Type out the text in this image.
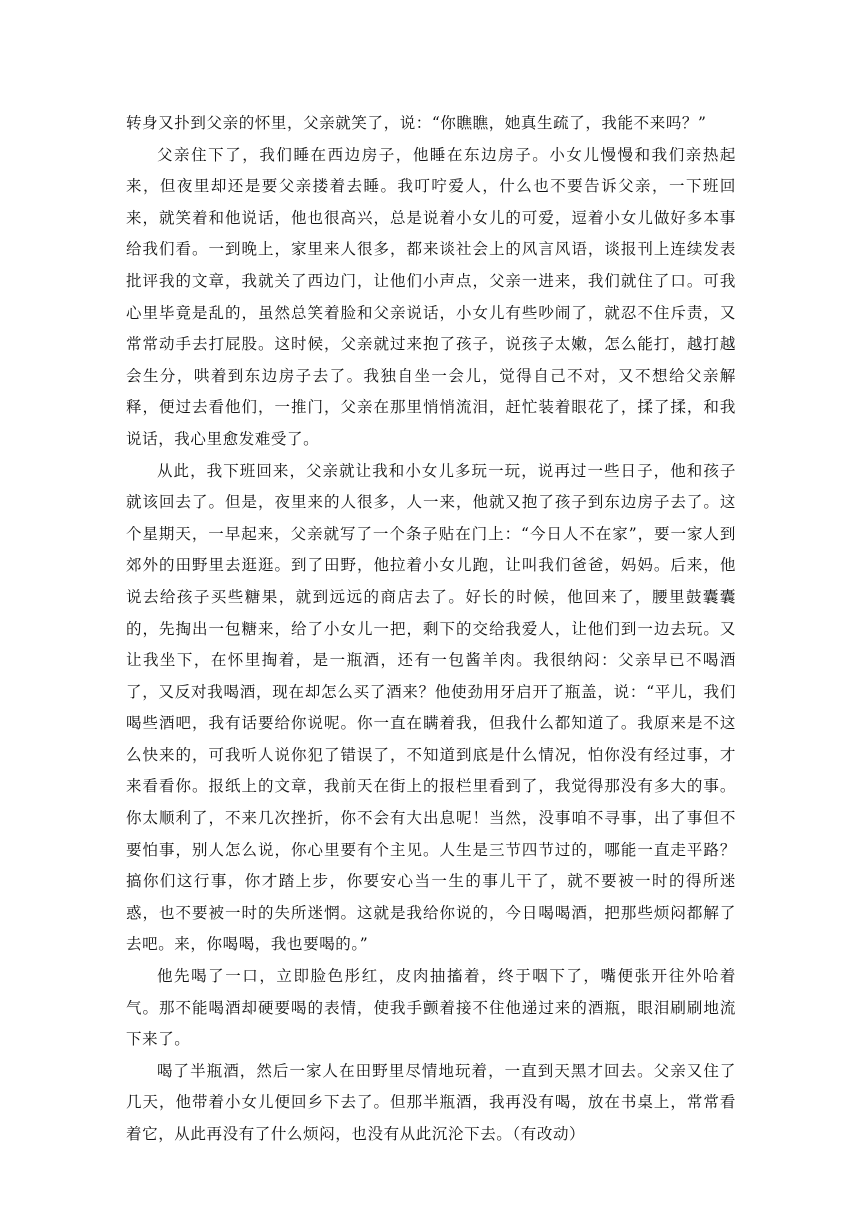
转身又扑到父亲的怀里，父亲就笑了，说：“你瞧瞧，她真生疏了，我能不来吗？”

父亲住下了，我们睡在西边房子，他睡在东边房子。小女儿慢慢和我们亲热起来，但夜里却还是要父亲搂着去睡。我叮咛爱人，什么也不要告诉父亲，一下班回来，就笑着和他说话，他也很高兴，总是说着小女儿的可爱，逗着小女儿做好多本事给我们看。一到晚上，家里来人很多，都来谈社会上的风言风语，谈报刊上连续发表批评我的文章，我就关了西边门，让他们小声点，父亲一进来，我们就住了口。可我心里毕竟是乱的，虽然总笑着脸和父亲说话，小女儿有些吵闹了，就忍不住斥责，又常常动手去打屁股。这时候，父亲就过来抱了孩子，说孩子太嫩，怎么能打，越打越会生分，哄着到东边房子去了。我独自坐一会儿，觉得自己不对，又不想给父亲解释，便过去看他们，一推门，父亲在那里悄悄流泪，赶忙装着眼花了，揉了揉，和我说话，我心里愈发难受了。

从此，我下班回来，父亲就让我和小女儿多玩一玩，说再过一些日子，他和孩子就该回去了。但是，夜里来的人很多，人一来，他就又抱了孩子到东边房子去了。这个星期天，一早起来，父亲就写了一个条子贴在门上：“今日人不在家”，要一家人到郊外的田野里去逛逛。到了田野，他拉着小女儿跑，让叫我们爸爸，妈妈。后来，他说去给孩子买些糖果，就到远远的商店去了。好长的时候，他回来了，腰里鼓囊囊的，先掏出一包糖来，给了小女儿一把，剩下的交给我爱人，让他们到一边去玩。又让我坐下，在怀里掏着，是一瓶酒，还有一包酱羊肉。我很纳闷：父亲早已不喝酒了，又反对我喝酒，现在却怎么买了酒来？他使劲用牙启开了瓶盖，说：“平儿，我们喝些酒吧，我有话要给你说呢。你一直在瞒着我，但我什么都知道了。我原来是不这么快来的，可我听人说你犯了错误了，不知道到底是什么情况，怕你没有经过事，才来看看你。报纸上的文章，我前天在街上的报栏里看到了，我觉得那没有多大的事。你太顺利了，不来几次挫折，你不会有大出息呢！当然，没事咱不寻事，出了事但不要怕事，别人怎么说，你心里要有个主见。人生是三节四节过的，哪能一直走平路？搞你们这行事，你才踏上步，你要安心当一生的事儿干了，就不要被一时的得所迷惑，也不要被一时的失所迷惘。这就是我给你说的，今日喝喝酒，把那些烦闷都解了去吧。来，你喝喝，我也要喝的。”

他先喝了一口，立即脸色彤红，皮肉抽搐着，终于咽下了，嘴便张开往外哈着气。那不能喝酒却硬要喝的表情，使我手颤着接不住他递过来的酒瓶，眼泪刷刷地流下来了。

喝了半瓶酒，然后一家人在田野里尽情地玩着，一直到天黑才回去。父亲又住了几天，他带着小女儿便回乡下去了。但那半瓶酒，我再没有喝，放在书桌上，常常看着它，从此再没有了什么烦闷，也没有从此沉沦下去。（有改动）
